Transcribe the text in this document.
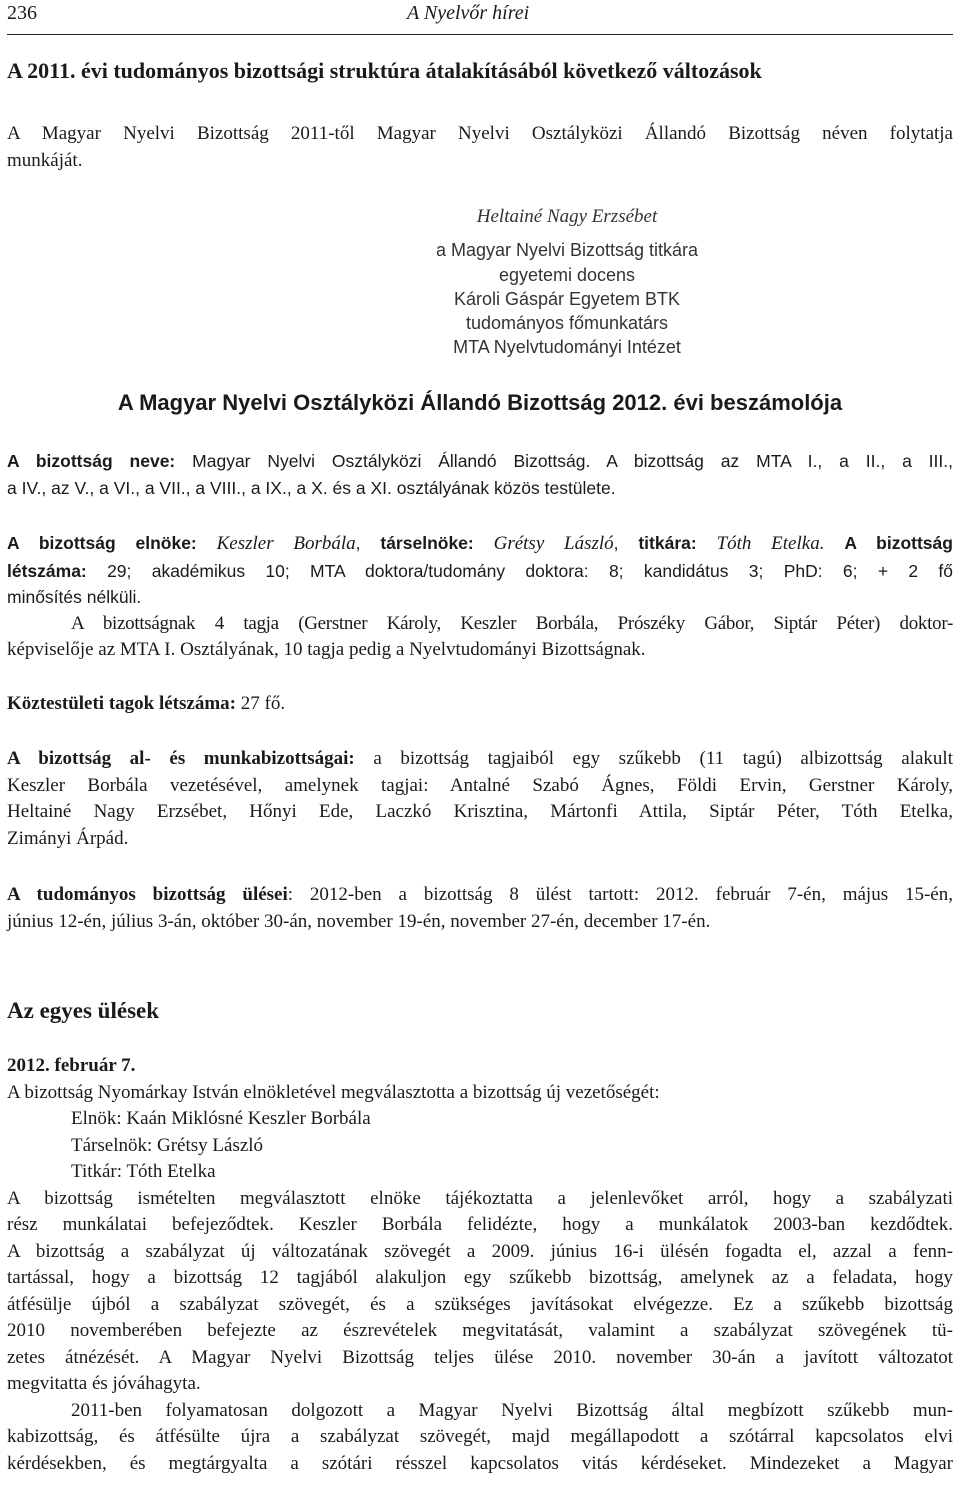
236	A Nyelvőr hírei
A 2011. évi tudományos bizottsági struktúra átalakításából következő változások
A Magyar Nyelvi Bizottság 2011-től Magyar Nyelvi Osztályközi Állandó Bizottság néven folytatja
munkáját.
Heltainé Nagy Erzsébet
a Magyar Nyelvi Bizottság titkára
egyetemi docens
Károli Gáspár Egyetem BTK
tudományos főmunkatárs
MTA Nyelvtudományi Intézet
A Magyar Nyelvi Osztályközi Állandó Bizottság 2012. évi beszámolója
A bizottság neve: Magyar Nyelvi Osztályközi Állandó Bizottság. A bizottság az MTA I., a II., a III.,
a IV., az V., a VI., a VII., a VIII., a IX., a X. és a XI. osztályának közös testülete.
A bizottság elnöke: Keszler Borbála, társelnöke: Grétsy László, titkára: Tóth Etelka. A bizottság
létszáma: 29; akadémikus 10; MTA doktora/tudomány doktora: 8; kandidátus 3; PhD: 6; + 2 fő
minősítés nélküli.
A bizottságnak 4 tagja (Gerstner Károly, Keszler Borbála, Prószéky Gábor, Siptár Péter) doktor-
képviselője az MTA I. Osztályának, 10 tagja pedig a Nyelvtudományi Bizottságnak.
Köztestületi tagok létszáma: 27 fő.
A bizottság al- és munkabizottságai: a bizottság tagjaiból egy szűkebb (11 tagú) albizottság alakult
Keszler Borbála vezetésével, amelynek tagjai: Antalné Szabó Ágnes, Földi Ervin, Gerstner Károly,
Heltainé Nagy Erzsébet, Hőnyi Ede, Laczkó Krisztina, Mártonfi Attila, Siptár Péter, Tóth Etelka,
Zimányi Árpád.
A tudományos bizottság ülései: 2012-ben a bizottság 8 ülést tartott: 2012. február 7-én, május 15-én,
június 12-én, július 3-án, október 30-án, november 19-én, november 27-én, december 17-én.
Az egyes ülések
2012. február 7.
A bizottság Nyomárkay István elnökletével megválasztotta a bizottság új vezetőségét:
Elnök: Kaán Miklósné Keszler Borbála
Társelnök: Grétsy László
Titkár: Tóth Etelka
A bizottság ismételten megválasztott elnöke tájékoztatta a jelenlevőket arról, hogy a szabályzati
rész munkálatai befejeződtek. Keszler Borbála felidézte, hogy a munkálatok 2003-ban kezdődtek.
A bizottság a szabályzat új változatának szövegét a 2009. június 16-i ülésén fogadta el, azzal a fenn-
tartással, hogy a bizottság 12 tagjából alakuljon egy szűkebb bizottság, amelynek az a feladata, hogy
átfésülje újból a szabályzat szövegét, és a szükséges javításokat elvégezze. Ez a szűkebb bizottság
2010 novemberében befejezte az észrevételek megvitatását, valamint a szabályzat szövegének tü-
zetes átnézését. A Magyar Nyelvi Bizottság teljes ülése 2010. november 30-án a javított változatot
megvitatta és jóváhagyta.
2011-ben folyamatosan dolgozott a Magyar Nyelvi Bizottság által megbízott szűkebb mun-
kabizottság, és átfésülte újra a szabályzat szövegét, majd megállapodott a szótárral kapcsolatos elvi
kérdésekben, és megtárgyalta a szótári résszel kapcsolatos vitás kérdéseket. Mindezeket a Magyar
